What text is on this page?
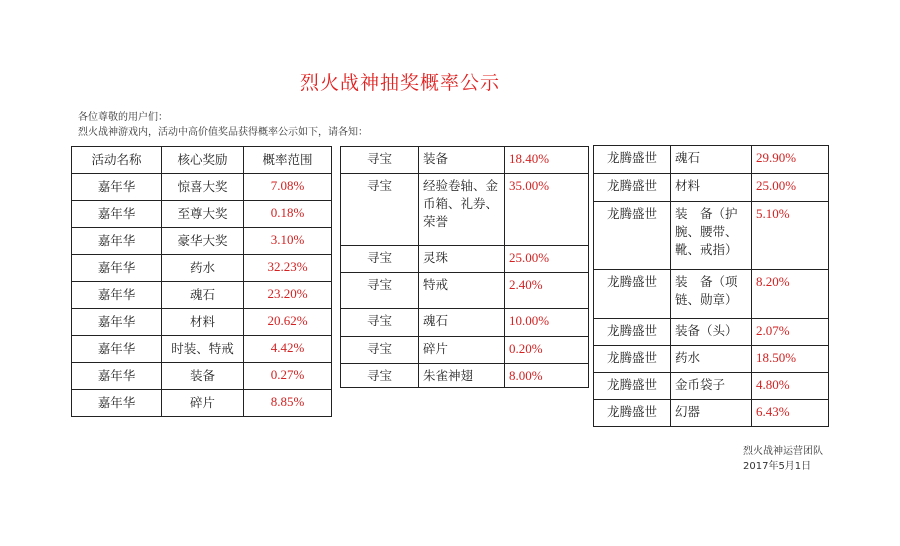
烈火战神抽奖概率公示
各位尊敬的用户们：
烈火战神游戏内，活动中高价值奖品获得概率公示如下，请各知：
活动名称	核心奖励	概率范围
嘉年华	惊喜大奖	7.08%
嘉年华	至尊大奖	0.18%
嘉年华	豪华大奖	3.10%
嘉年华	药水	32.23%
嘉年华	魂石	23.20%
嘉年华	材料	20.62%
嘉年华	时装、特戒	4.42%
嘉年华	装备	0.27%
嘉年华	碎片	8.85%
寻宝	装备	18.40%
寻宝	经验卷轴、金币箱、礼券、荣誉	35.00%
寻宝	灵珠	25.00%
寻宝	特戒	2.40%
寻宝	魂石	10.00%
寻宝	碎片	0.20%
寻宝	朱雀神翅	8.00%
龙腾盛世	魂石	29.90%
龙腾盛世	材料	25.00%
龙腾盛世	装　备（护腕、腰带、靴、戒指）	5.10%
龙腾盛世	装　备（项链、勋章）	8.20%
龙腾盛世	装备（头）	2.07%
龙腾盛世	药水	18.50%
龙腾盛世	金币袋子	4.80%
龙腾盛世	幻器	6.43%
烈火战神运营团队
2017年5月1日
